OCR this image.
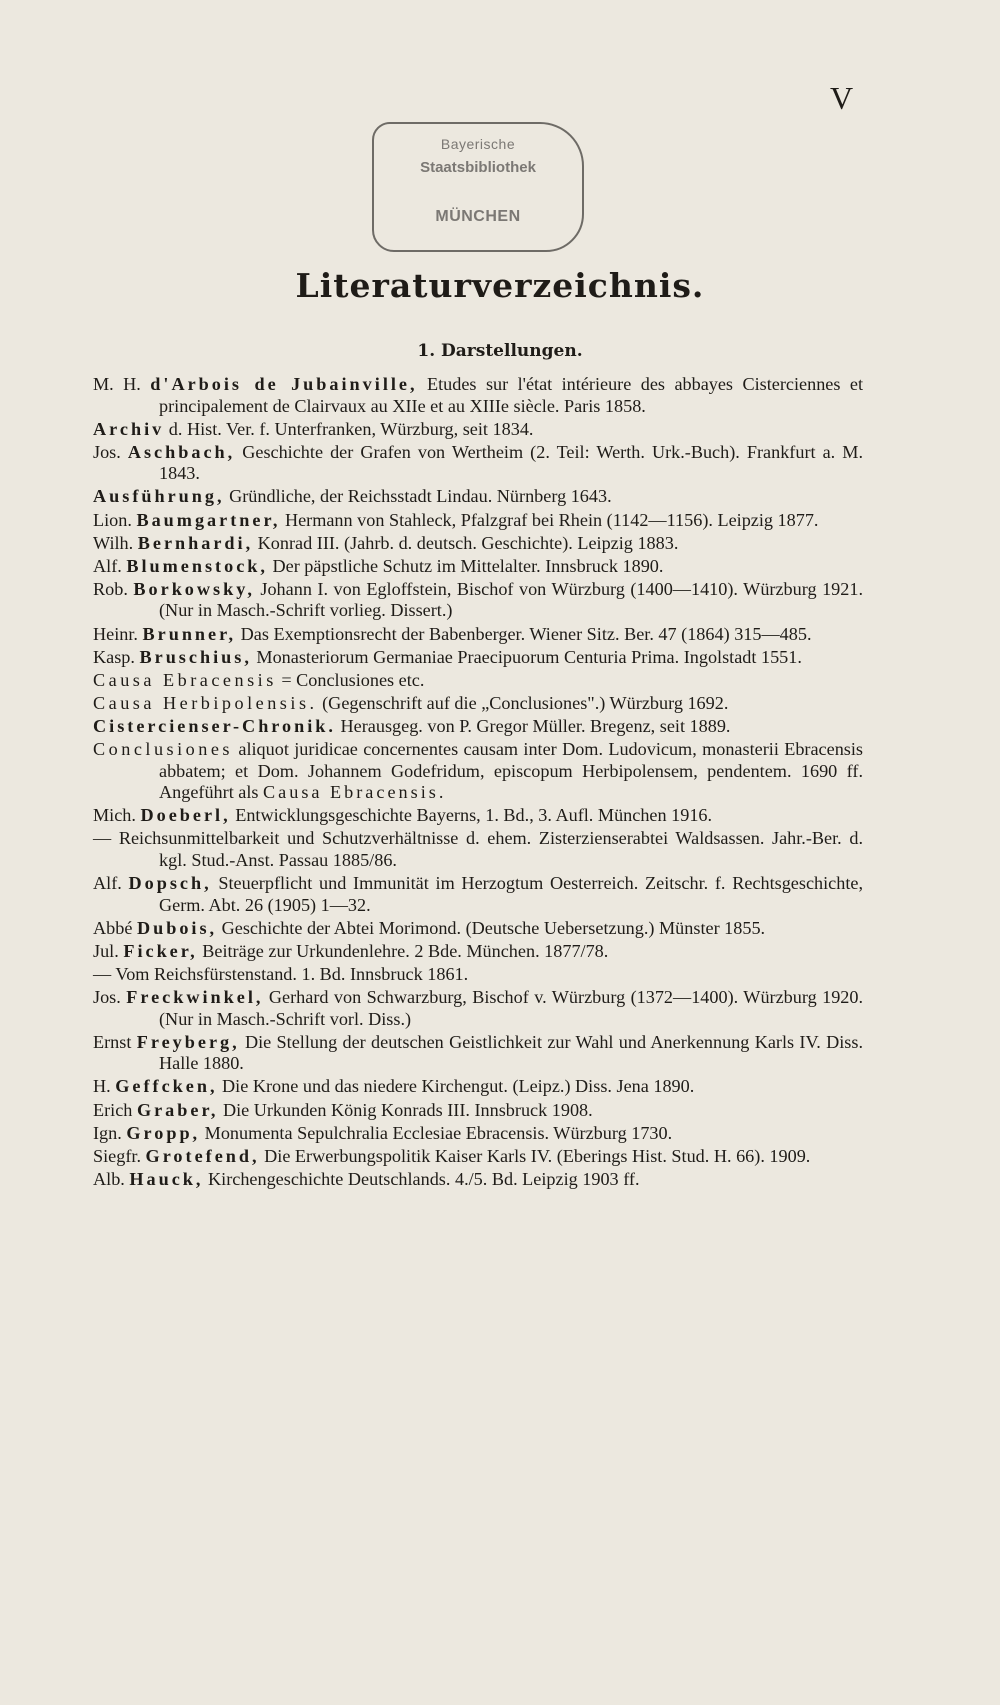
V
Bayerische
Staatsbibliothek
MÜNCHEN
Literaturverzeichnis.
1. Darstellungen.

M. H. d'Arbois de Jubainville, Etudes sur l'état intérieure des abbayes Cisterciennes et principalement de Clairvaux au XIIe et au XIIIe siècle. Paris 1858.

Archiv d. Hist. Ver. f. Unterfranken, Würzburg, seit 1834.

Jos. Aschbach, Geschichte der Grafen von Wertheim (2. Teil: Werth. Urk.-Buch). Frankfurt a. M. 1843.

Ausführung, Gründliche, der Reichsstadt Lindau. Nürnberg 1643.

Lion. Baumgartner, Hermann von Stahleck, Pfalzgraf bei Rhein (1142—1156). Leipzig 1877.

Wilh. Bernhardi, Konrad III. (Jahrb. d. deutsch. Geschichte). Leipzig 1883.

Alf. Blumenstock, Der päpstliche Schutz im Mittelalter. Innsbruck 1890.

Rob. Borkowsky, Johann I. von Egloffstein, Bischof von Würzburg (1400—1410). Würzburg 1921. (Nur in Masch.-Schrift vorlieg. Dissert.)

Heinr. Brunner, Das Exemptionsrecht der Babenberger. Wiener Sitz. Ber. 47 (1864) 315—485.

Kasp. Bruschius, Monasteriorum Germaniae Praecipuorum Centuria Prima. Ingolstadt 1551.

Causa Ebracensis = Conclusiones etc.

Causa Herbipolensis. (Gegenschrift auf die „Conclusiones".) Würzburg 1692.

Cistercienser-Chronik. Herausgeg. von P. Gregor Müller. Bregenz, seit 1889.

Conclusiones aliquot juridicae concernentes causam inter Dom. Ludovicum, monasterii Ebracensis abbatem; et Dom. Johannem Godefridum, episcopum Herbipolensem, pendentem. 1690 ff. Angeführt als Causa Ebracensis.

Mich. Doeberl, Entwicklungsgeschichte Bayerns, 1. Bd., 3. Aufl. München 1916.

— Reichsunmittelbarkeit und Schutzverhältnisse d. ehem. Zisterzienserabtei Waldsassen. Jahr.-Ber. d. kgl. Stud.-Anst. Passau 1885/86.

Alf. Dopsch, Steuerpflicht und Immunität im Herzogtum Oesterreich. Zeitschr. f. Rechtsgeschichte, Germ. Abt. 26 (1905) 1—32.

Abbé Dubois, Geschichte der Abtei Morimond. (Deutsche Uebersetzung.) Münster 1855.

Jul. Ficker, Beiträge zur Urkundenlehre. 2 Bde. München. 1877/78.

— Vom Reichsfürstenstand. 1. Bd. Innsbruck 1861.

Jos. Freckwinkel, Gerhard von Schwarzburg, Bischof v. Würzburg (1372—1400). Würzburg 1920. (Nur in Masch.-Schrift vorl. Diss.)

Ernst Freyberg, Die Stellung der deutschen Geistlichkeit zur Wahl und Anerkennung Karls IV. Diss. Halle 1880.

H. Geffcken, Die Krone und das niedere Kirchengut. (Leipz.) Diss. Jena 1890.

Erich Graber, Die Urkunden König Konrads III. Innsbruck 1908.

Ign. Gropp, Monumenta Sepulchralia Ecclesiae Ebracensis. Würzburg 1730.

Siegfr. Grotefend, Die Erwerbungspolitik Kaiser Karls IV. (Eberings Hist. Stud. H. 66). 1909.

Alb. Hauck, Kirchengeschichte Deutschlands. 4./5. Bd. Leipzig 1903 ff.
